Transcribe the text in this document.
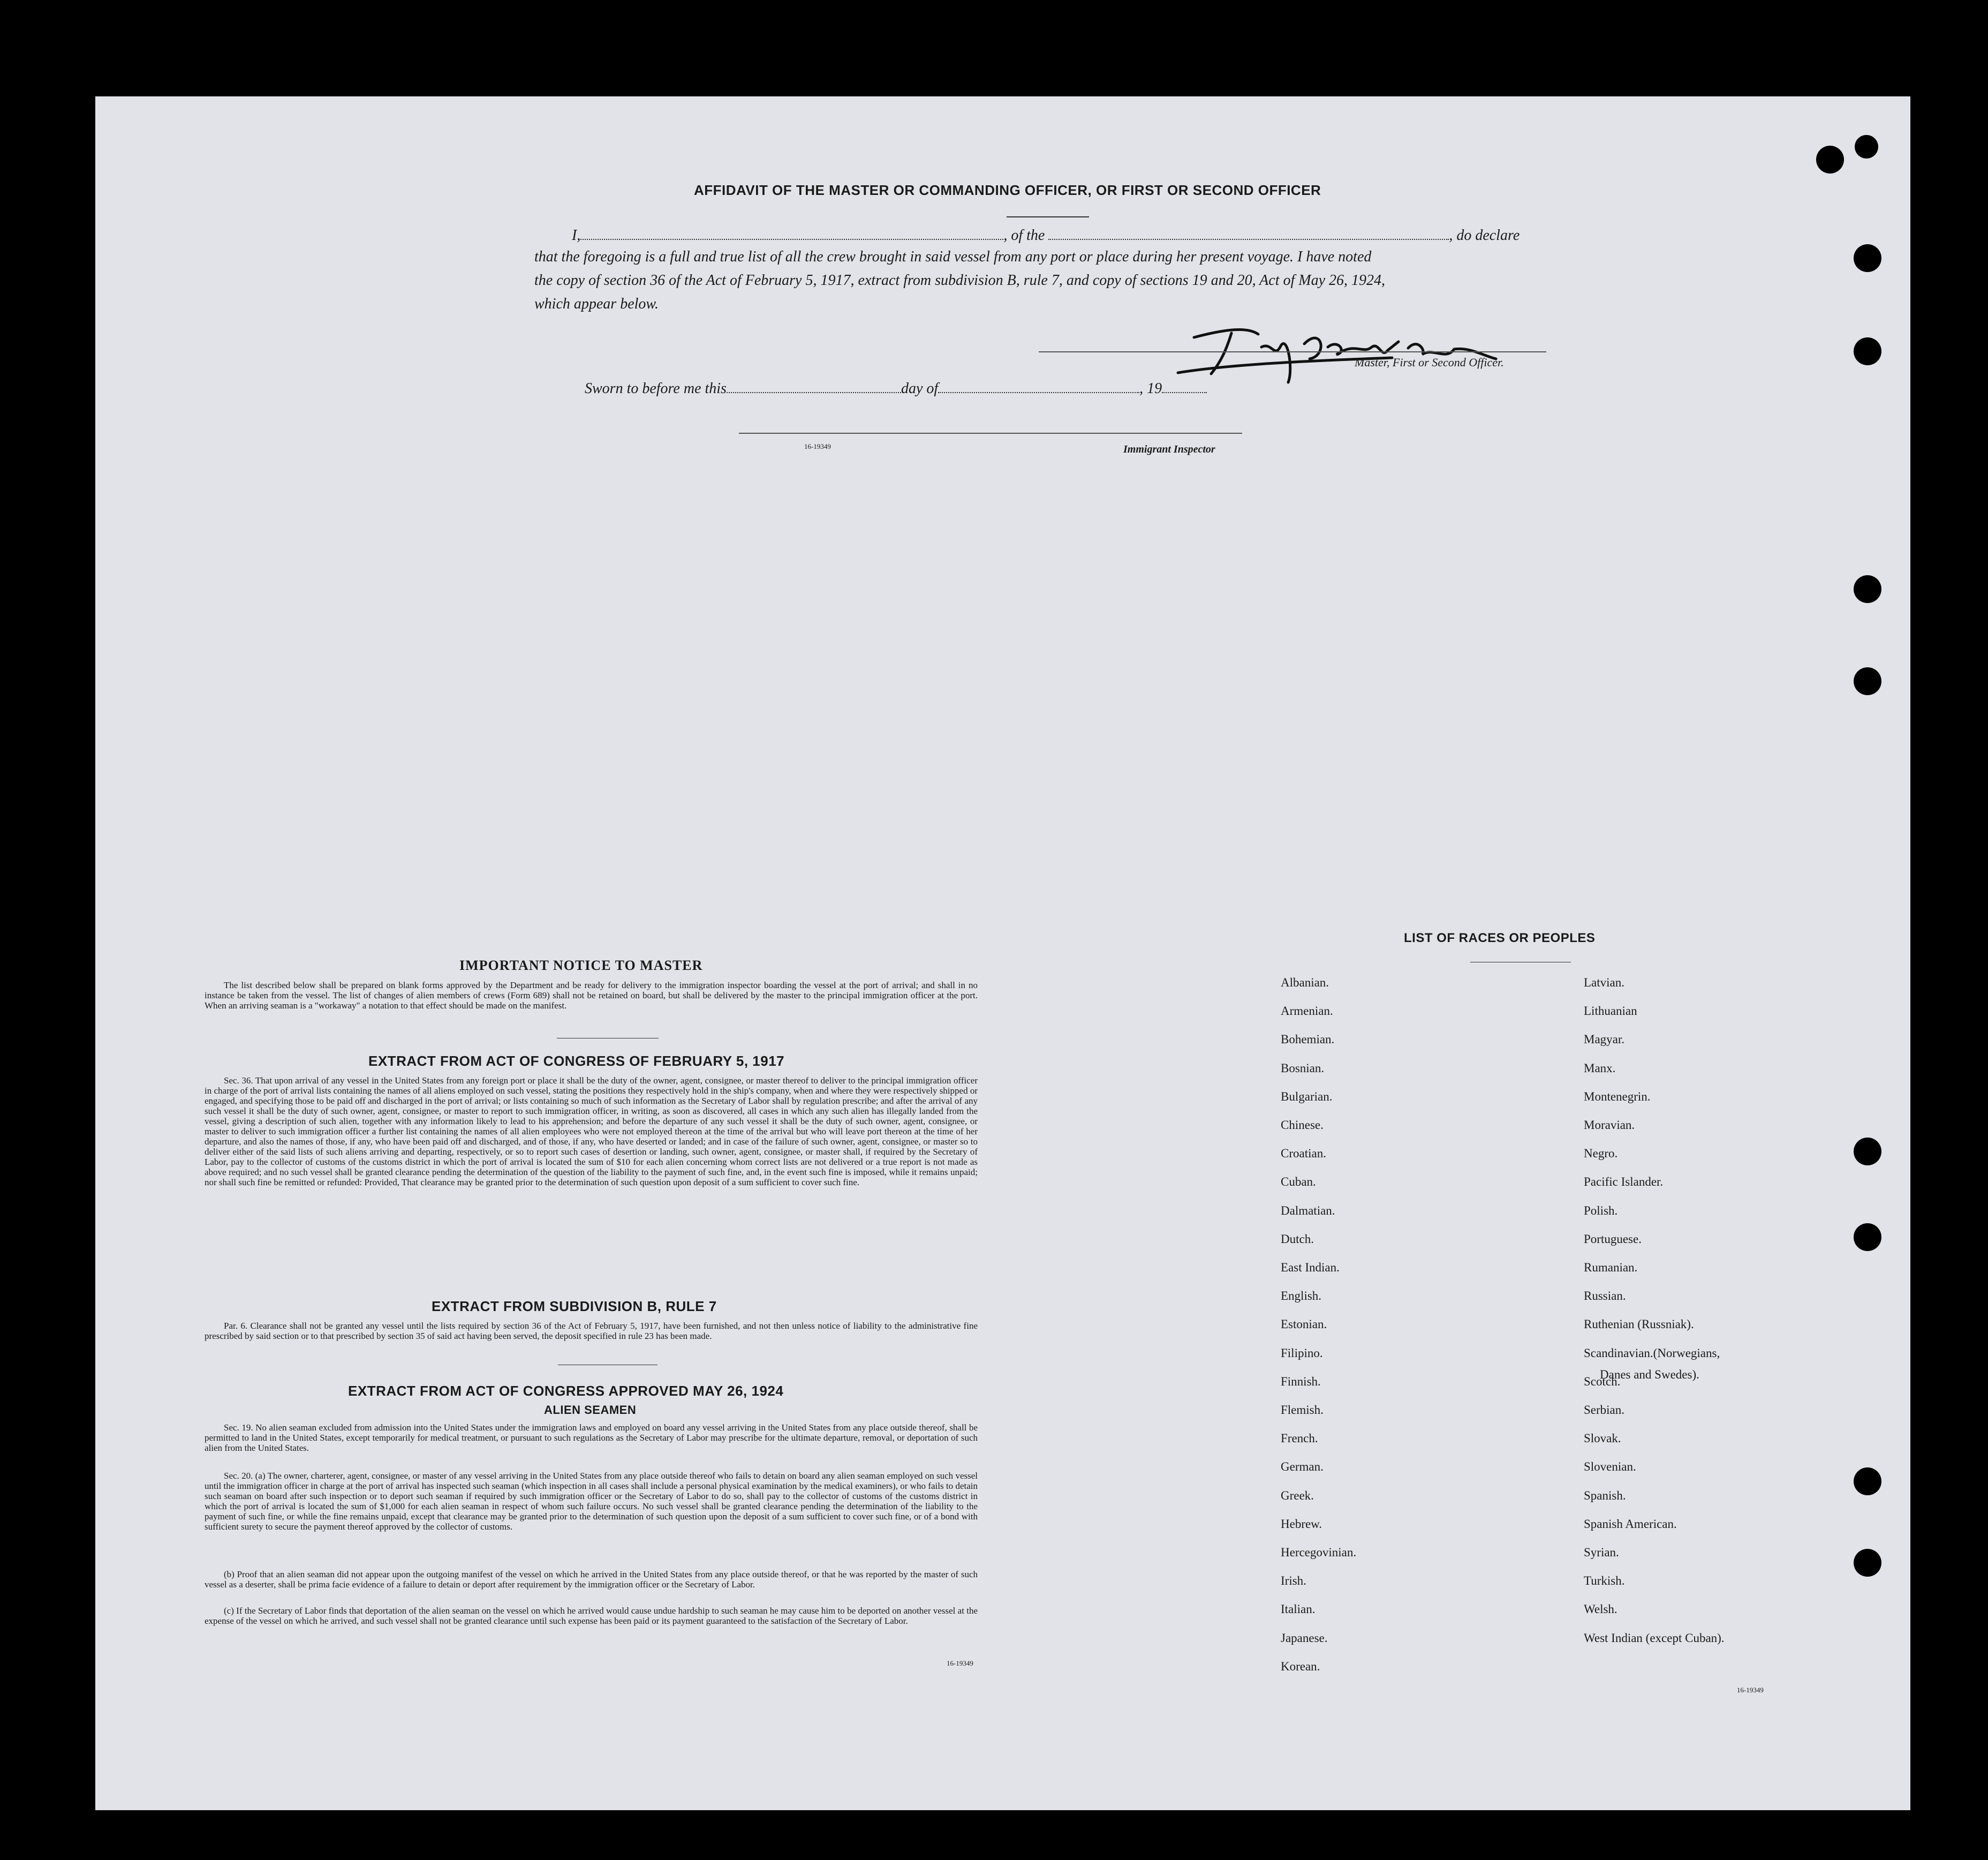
AFFIDAVIT OF THE MASTER OR COMMANDING OFFICER, OR FIRST OR SECOND OFFICER
I,	, of the	, do declare
that the foregoing is a full and true list of all the crew brought in said vessel from any port or place during her present voyage. I have noted
the copy of section 36 of the Act of February 5, 1917, extract from subdivision B, rule 7, and copy of sections 19 and 20, Act of May 26, 1924,
which appear below.
Master, First or Second Officer.
Sworn to before me this	day of	, 19
16-19349	Immigrant Inspector
IMPORTANT NOTICE TO MASTER
The list described below shall be prepared on blank forms approved by the Department and be ready for delivery to the immigration inspector boarding the vessel at the port of arrival; and shall in no instance be taken from the vessel. The list of changes of alien members of crews (Form 689) shall not be retained on board, but shall be delivered by the master to the principal immigration officer at the port. When an arriving seaman is a "workaway" a notation to that effect should be made on the manifest.
EXTRACT FROM ACT OF CONGRESS OF FEBRUARY 5, 1917
Sec. 36. That upon arrival of any vessel in the United States from any foreign port or place it shall be the duty of the owner, agent, consignee, or master thereof to deliver to the principal immigration officer in charge of the port of arrival lists containing the names of all aliens employed on such vessel, stating the positions they respectively hold in the ship's company, when and where they were respectively shipped or engaged, and specifying those to be paid off and discharged in the port of arrival; or lists containing so much of such information as the Secretary of Labor shall by regulation prescribe; and after the arrival of any such vessel it shall be the duty of such owner, agent, consignee, or master to report to such immigration officer, in writing, as soon as discovered, all cases in which any such alien has illegally landed from the vessel, giving a description of such alien, together with any information likely to lead to his apprehension; and before the departure of any such vessel it shall be the duty of such owner, agent, consignee, or master to deliver to such immigration officer a further list containing the names of all alien employees who were not employed thereon at the time of the arrival but who will leave port thereon at the time of her departure, and also the names of those, if any, who have been paid off and discharged, and of those, if any, who have deserted or landed; and in case of the failure of such owner, agent, consignee, or master so to deliver either of the said lists of such aliens arriving and departing, respectively, or so to report such cases of desertion or landing, such owner, agent, consignee, or master shall, if required by the Secretary of Labor, pay to the collector of customs of the customs district in which the port of arrival is located the sum of $10 for each alien concerning whom correct lists are not delivered or a true report is not made as above required; and no such vessel shall be granted clearance pending the determination of the question of the liability to the payment of such fine, and, in the event such fine is imposed, while it remains unpaid; nor shall such fine be remitted or refunded: Provided, That clearance may be granted prior to the determination of such question upon deposit of a sum sufficient to cover such fine.
EXTRACT FROM SUBDIVISION B, RULE 7
Par. 6. Clearance shall not be granted any vessel until the lists required by section 36 of the Act of February 5, 1917, have been furnished, and not then unless notice of liability to the administrative fine prescribed by said section or to that prescribed by section 35 of said act having been served, the deposit specified in rule 23 has been made.
EXTRACT FROM ACT OF CONGRESS APPROVED MAY 26, 1924
ALIEN SEAMEN
Sec. 19. No alien seaman excluded from admission into the United States under the immigration laws and employed on board any vessel arriving in the United States from any place outside thereof, shall be permitted to land in the United States, except temporarily for medical treatment, or pursuant to such regulations as the Secretary of Labor may prescribe for the ultimate departure, removal, or deportation of such alien from the United States.
Sec. 20. (a) The owner, charterer, agent, consignee, or master of any vessel arriving in the United States from any place outside thereof who fails to detain on board any alien seaman employed on such vessel until the immigration officer in charge at the port of arrival has inspected such seaman (which inspection in all cases shall include a personal physical examination by the medical examiners), or who fails to detain such seaman on board after such inspection or to deport such seaman if required by such immigration officer or the Secretary of Labor to do so, shall pay to the collector of customs of the customs district in which the port of arrival is located the sum of $1,000 for each alien seaman in respect of whom such failure occurs. No such vessel shall be granted clearance pending the determination of the liability to the payment of such fine, or while the fine remains unpaid, except that clearance may be granted prior to the determination of such question upon the deposit of a sum sufficient to cover such fine, or of a bond with sufficient surety to secure the payment thereof approved by the collector of customs.
(b) Proof that an alien seaman did not appear upon the outgoing manifest of the vessel on which he arrived in the United States from any place outside thereof, or that he was reported by the master of such vessel as a deserter, shall be prima facie evidence of a failure to detain or deport after requirement by the immigration officer or the Secretary of Labor.
(c) If the Secretary of Labor finds that deportation of the alien seaman on the vessel on which he arrived would cause undue hardship to such seaman he may cause him to be deported on another vessel at the expense of the vessel on which he arrived, and such vessel shall not be granted clearance until such expense has been paid or its payment guaranteed to the satisfaction of the Secretary of Labor.
16-19349
LIST OF RACES OR PEOPLES
Albanian.
Armenian.
Bohemian.
Bosnian.
Bulgarian.
Chinese.
Croatian.
Cuban.
Dalmatian.
Dutch.
East Indian.
English.
Estonian.
Filipino.
Finnish.
Flemish.
French.
German.
Greek.
Hebrew.
Hercegovinian.
Irish.
Italian.
Japanese.
Korean.
Latvian.
Lithuanian
Magyar.
Manx.
Montenegrin.
Moravian.
Negro.
Pacific Islander.
Polish.
Portuguese.
Rumanian.
Russian.
Ruthenian (Russniak).
Scandinavian.(Norwegians,
Scotch.
Serbian.
Slovak.
Slovenian.
Spanish.
Spanish American.
Syrian.
Turkish.
Welsh.
West Indian (except Cuban).
Danes and Swedes).
16-19349
